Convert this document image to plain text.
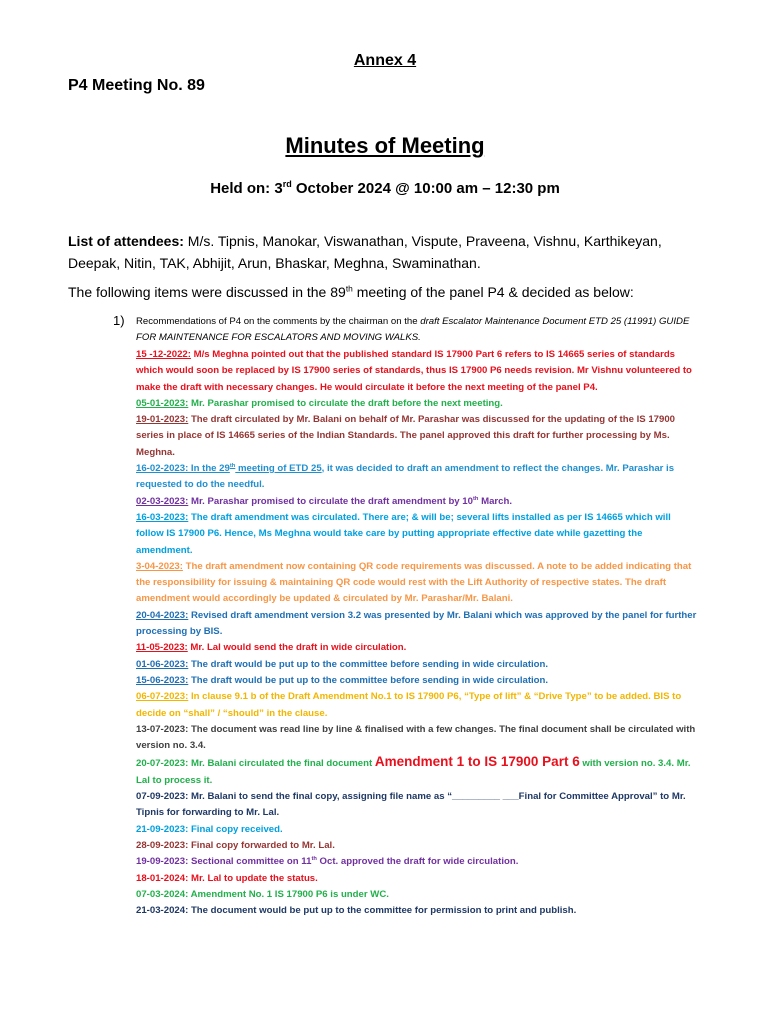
Annex 4
P4 Meeting No. 89
Minutes of Meeting
Held on: 3rd October 2024 @ 10:00 am – 12:30 pm
List of attendees: M/s. Tipnis, Manokar, Viswanathan, Vispute, Praveena, Vishnu, Karthikeyan, Deepak, Nitin, TAK, Abhijit, Arun, Bhaskar, Meghna, Swaminathan.
The following items were discussed in the 89th meeting of the panel P4 & decided as below:
1) Recommendations of P4 on the comments by the chairman on the draft Escalator Maintenance Document ETD 25 (11991) GUIDE FOR MAINTENANCE FOR ESCALATORS AND MOVING WALKS.

15 -12-2022: M/s Meghna pointed out that the published standard IS 17900 Part 6 refers to IS 14665 series of standards which would soon be replaced by IS 17900 series of standards, thus IS 17900 P6 needs revision. Mr Vishnu volunteered to make the draft with necessary changes. He would circulate it before the next meeting of the panel P4.

05-01-2023: Mr. Parashar promised to circulate the draft before the next meeting.

19-01-2023: The draft circulated by Mr. Balani on behalf of Mr. Parashar was discussed for the updating of the IS 17900 series in place of IS 14665 series of the Indian Standards. The panel approved this draft for further processing by Ms. Meghna.

16-02-2023: In the 29th meeting of ETD 25, it was decided to draft an amendment to reflect the changes. Mr. Parashar is requested to do the needful.

02-03-2023: Mr. Parashar promised to circulate the draft amendment by 10th March.

16-03-2023: The draft amendment was circulated. There are; & will be; several lifts installed as per IS 14665 which will follow IS 17900 P6. Hence, Ms Meghna would take care by putting appropriate effective date while gazetting the amendment.

3-04-2023: The draft amendment now containing QR code requirements was discussed. A note to be added indicating that the responsibility for issuing & maintaining QR code would rest with the Lift Authority of respective states. The draft amendment would accordingly be updated & circulated by Mr. Parashar/Mr. Balani.

20-04-2023: Revised draft amendment version 3.2 was presented by Mr. Balani which was approved by the panel for further processing by BIS.

11-05-2023: Mr. Lal would send the draft in wide circulation.

01-06-2023: The draft would be put up to the committee before sending in wide circulation.

15-06-2023: The draft would be put up to the committee before sending in wide circulation.

06-07-2023: In clause 9.1 b of the Draft Amendment No.1 to IS 17900 P6, “Type of lift” & “Drive Type” to be added. BIS to decide on “shall” / “should” in the clause.

13-07-2023: The document was read line by line & finalised with a few changes. The final document shall be circulated with version no. 3.4.

20-07-2023: Mr. Balani circulated the final document Amendment 1 to IS 17900 Part 6 with version no. 3.4. Mr. Lal to process it.

07-09-2023: Mr. Balani to send the final copy, assigning file name as “_________ ___Final for Committee Approval” to Mr. Tipnis for forwarding to Mr. Lal.

21-09-2023: Final copy received.

28-09-2023: Final copy forwarded to Mr. Lal.

19-09-2023: Sectional committee on 11th Oct. approved the draft for wide circulation.

18-01-2024: Mr. Lal to update the status.

07-03-2024: Amendment No. 1 IS 17900 P6 is under WC.

21-03-2024: The document would be put up to the committee for permission to print and publish.
